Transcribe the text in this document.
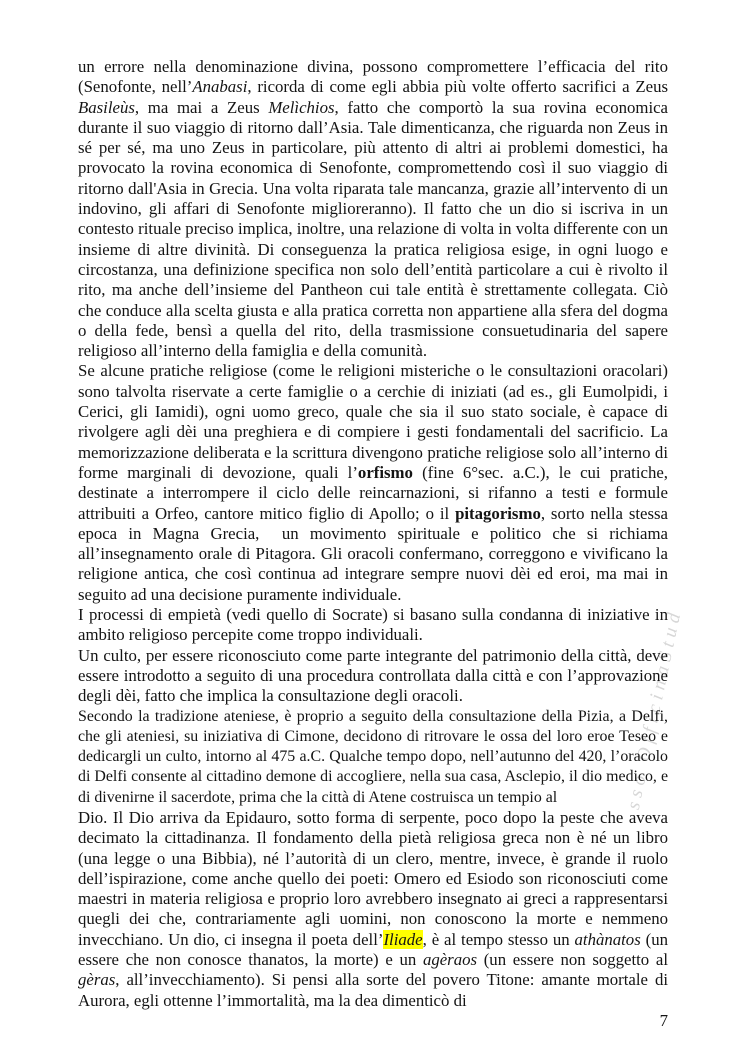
sso OfficinaStud

un errore nella denominazione divina, possono compromettere l’efficacia del rito (Senofonte, nell’Anabasi, ricorda di come egli abbia più volte offerto sacrifici a Zeus Basileùs, ma mai a Zeus Melìchios, fatto che comportò la sua rovina economica durante il suo viaggio di ritorno dall’Asia. Tale dimenticanza, che riguarda non Zeus in sé per sé, ma uno Zeus in particolare, più attento di altri ai problemi domestici, ha provocato la rovina economica di Senofonte, compromettendo così il suo viaggio di ritorno dall'Asia in Grecia. Una volta riparata tale mancanza, grazie all’intervento di un indovino, gli affari di Senofonte miglioreranno). Il fatto che un dio si iscriva in un contesto rituale preciso implica, inoltre, una relazione di volta in volta differente con un insieme di altre divinità. Di conseguenza la pratica religiosa esige, in ogni luogo e circostanza, una definizione specifica non solo dell’entità particolare a cui è rivolto il rito, ma anche dell’insieme del Pantheon cui tale entità è strettamente collegata. Ciò che conduce alla scelta giusta e alla pratica corretta non appartiene alla sfera del dogma o della fede, bensì a quella del rito, della trasmissione consuetudinaria del sapere religioso all’interno della famiglia e della comunità.

Se alcune pratiche religiose (come le religioni misteriche o le consultazioni oracolari) sono talvolta riservate a certe famiglie o a cerchie di iniziati (ad es., gli Eumolpidi, i Cerici, gli Iamidi), ogni uomo greco, quale che sia il suo stato sociale, è capace di rivolgere agli dèi una preghiera e di compiere i gesti fondamentali del sacrificio. La memorizzazione deliberata e la scrittura divengono pratiche religiose solo all’interno di forme marginali di devozione, quali l’orfismo (fine 6°sec. a.C.), le cui pratiche, destinate a interrompere il ciclo delle reincarnazioni, si rifanno a testi e formule attribuiti a Orfeo, cantore mitico figlio di Apollo; o il pitagorismo, sorto nella stessa epoca in Magna Grecia,  un movimento spirituale e politico che si richiama all’insegnamento orale di Pitagora. Gli oracoli confermano, correggono e vivificano la religione antica, che così continua ad integrare sempre nuovi dèi ed eroi, ma mai in seguito ad una decisione puramente individuale.

I processi di empietà (vedi quello di Socrate) si basano sulla condanna di iniziative in ambito religioso percepite come troppo individuali.

Un culto, per essere riconosciuto come parte integrante del patrimonio della città, deve essere introdotto a seguito di una procedura controllata dalla città e con l’approvazione degli dèi, fatto che implica la consultazione degli oracoli.

Secondo la tradizione ateniese, è proprio a seguito della consultazione della Pizia, a Delfi, che gli ateniesi, su iniziativa di Cimone, decidono di ritrovare le ossa del loro eroe Teseo e dedicargli un culto, intorno al 475 a.C. Qualche tempo dopo, nell’autunno del 420, l’oracolo di Delfi consente al cittadino demone di accogliere, nella sua casa, Asclepio, il dio medico, e di divenirne il sacerdote, prima che la città di Atene costruisca un tempio al

Dio. Il Dio arriva da Epidauro, sotto forma di serpente, poco dopo la peste che aveva decimato la cittadinanza. Il fondamento della pietà religiosa greca non è né un libro (una legge o una Bibbia), né l’autorità di un clero, mentre, invece, è grande il ruolo dell’ispirazione, come anche quello dei poeti: Omero ed Esiodo son riconosciuti come maestri in materia religiosa e proprio loro avrebbero insegnato ai greci a rappresentarsi quegli dei che, contrariamente agli uomini, non conoscono la morte e nemmeno invecchiano. Un dio, ci insegna il poeta dell’Iliade, è al tempo stesso un athànatos (un essere che non conosce thanatos, la morte) e un agèraos (un essere non soggetto al gèras, all’invecchiamento). Si pensi alla sorte del povero Titone: amante mortale di Aurora, egli ottenne l’immortalità, ma la dea dimenticò di

7
